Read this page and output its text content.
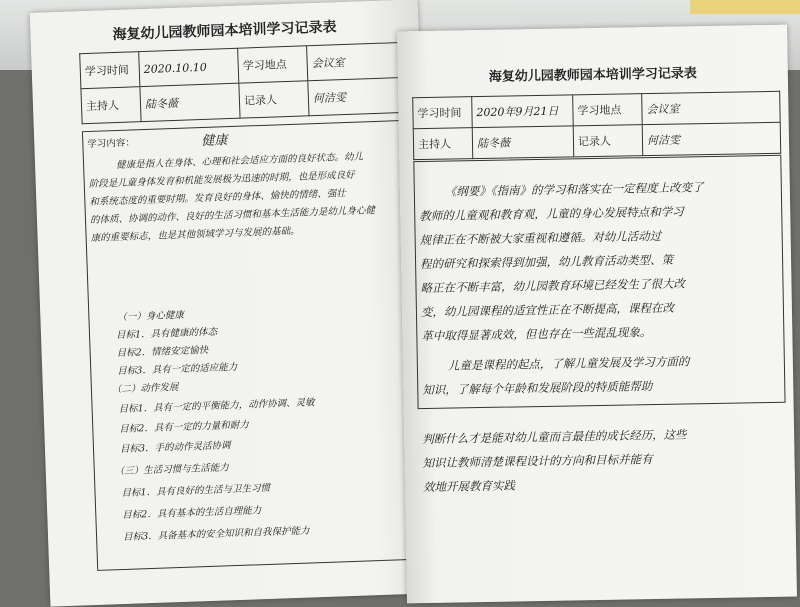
海复幼儿园教师园本培训学习记录表
学习时间	2020.10.10	学习地点	会议室
主持人	陆冬薇	记录人	何洁雯
学习内容：	健康
健康是指人在身体、心理和社会适应方面的良好状态。幼儿
阶段是儿童身体发育和机能发展极为迅速的时期，也是形成良好
和系统态度的重要时期。发育良好的身体、愉快的情绪、强壮
的体质、协调的动作、良好的生活习惯和基本生活能力是幼儿身心健
康的重要标志，也是其他领域学习与发展的基础。
（一）身心健康
目标1．具有健康的体态
目标2．情绪安定愉快
目标3．具有一定的适应能力
（二）动作发展
目标1．具有一定的平衡能力，动作协调、灵敏
目标2．具有一定的力量和耐力
目标3．手的动作灵活协调
（三）生活习惯与生活能力
目标1．具有良好的生活与卫生习惯
目标2．具有基本的生活自理能力
目标3．具备基本的安全知识和自我保护能力
海复幼儿园教师园本培训学习记录表
学习时间	2020年9月21日	学习地点	会议室
主持人	陆冬薇	记录人	何洁雯
《纲要》《指南》的学习和落实在一定程度上改变了
教师的儿童观和教育观，儿童的身心发展特点和学习
规律正在不断被大家重视和遵循。对幼儿活动过
程的研究和探索得到加强，幼儿教育活动类型、策
略正在不断丰富，幼儿园教育环境已经发生了很大改
变，幼儿园课程的适宜性正在不断提高，课程在改
革中取得显著成效，但也存在一些混乱现象。
儿童是课程的起点，了解儿童发展及学习方面的
知识，了解每个年龄和发展阶段的特质能帮助
判断什么才是能对幼儿童而言最佳的成长经历，这些
知识让教师清楚课程设计的方向和目标并能有
效地开展教育实践
